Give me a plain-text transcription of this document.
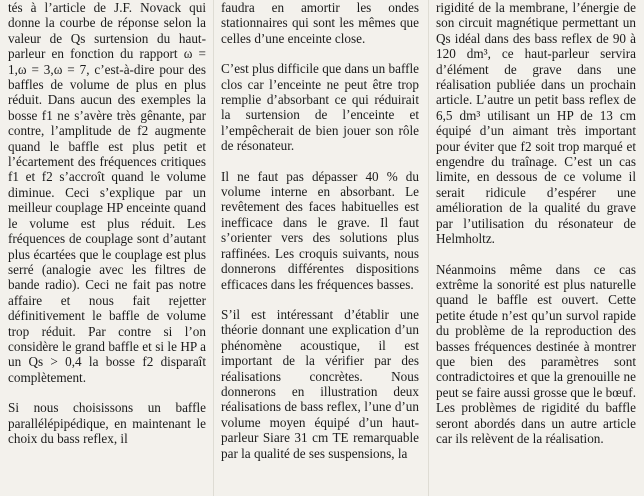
tés à l’article de J.F. Novack qui donne la courbe de réponse selon la valeur de Qs surtension du haut-parleur en fonction du rapport ω = 1,ω = 3,ω = 7, c’est-à-dire pour des baffles de volume de plus en plus réduit. Dans aucun des exemples la bosse f1 ne s’avère très gênante, par contre, l’amplitude de f2 augmente quand le baffle est plus petit et l’écartement des fréquences critiques f1 et f2 s’accroît quand le volume diminue. Ceci s’explique par un meilleur couplage HP enceinte quand le volume est plus réduit. Les fréquences de couplage sont d’autant plus écartées que le couplage est plus serré (analogie avec les filtres de bande radio). Ceci ne fait pas notre affaire et nous fait rejetter définitivement le baffle de volume trop réduit. Par contre si l’on considère le grand baffle et si le HP a un Qs > 0,4 la bosse f2 disparaît complètement.

Si nous choisissons un baffle parallélépipédique, en maintenant le choix du bass reflex, il

faudra en amortir les ondes stationnaires qui sont les mêmes que celles d’une enceinte close.

C’est plus difficile que dans un baffle clos car l’enceinte ne peut être trop remplie d’absorbant ce qui réduirait la surtension de l’enceinte et l’empêcherait de bien jouer son rôle de résonateur.

Il ne faut pas dépasser 40 % du volume interne en absorbant. Le revêtement des faces habituelles est inefficace dans le grave. Il faut s’orienter vers des solutions plus raffinées. Les croquis suivants, nous donnerons différentes dispositions efficaces dans les fréquences basses.

S’il est intéressant d’établir une théorie donnant une explication d’un phénomène acoustique, il est important de la vérifier par des réalisations concrètes. Nous donnerons en illustration deux réalisations de bass reflex, l’une d’un volume moyen équipé d’un haut-parleur Siare 31 cm TE remarquable par la qualité de ses suspensions, la

rigidité de la membrane, l’énergie de son circuit magnétique permettant un Qs idéal dans des bass reflex de 90 à 120 dm³, ce haut-parleur servira d’élément de grave dans une réalisation publiée dans un prochain article. L’autre un petit bass reflex de 6,5 dm³ utilisant un HP de 13 cm équipé d’un aimant très important pour éviter que f2 soit trop marqué et engendre du traînage. C’est un cas limite, en dessous de ce volume il serait ridicule d’espérer une amélioration de la qualité du grave par l’utilisation du résonateur de Helmholtz.

Néanmoins même dans ce cas extrême la sonorité est plus naturelle quand le baffle est ouvert. Cette petite étude n’est qu’un survol rapide du problème de la reproduction des basses fréquences destinée à montrer que bien des paramètres sont contradictoires et que la grenouille ne peut se faire aussi grosse que le bœuf. Les problèmes de rigidité du baffle seront abordés dans un autre article car ils relèvent de la réalisation.
